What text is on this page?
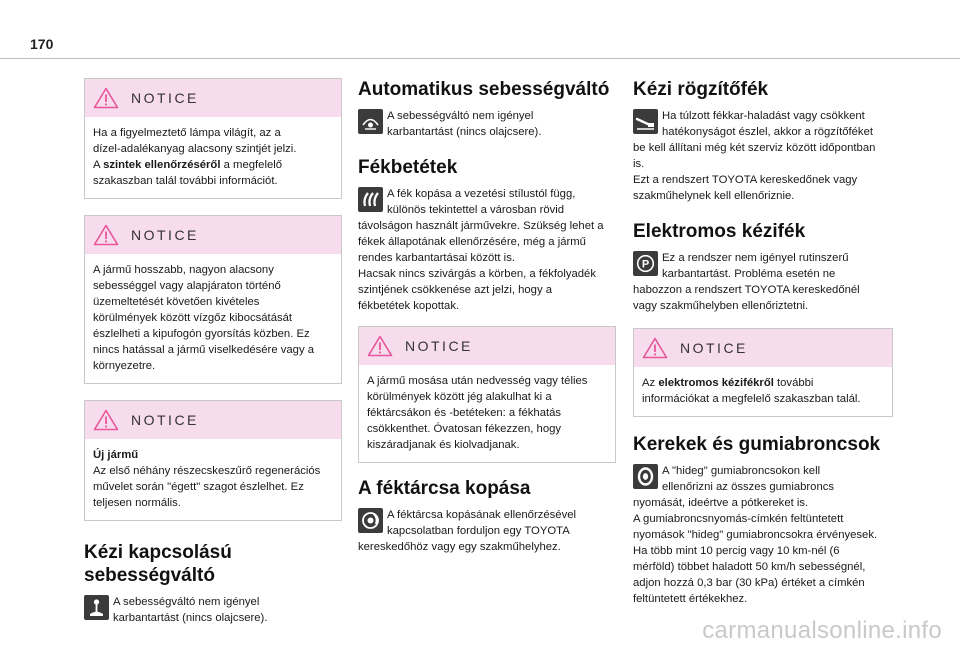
170
NOTICE
Ha a figyelmeztető lámpa világít, az a
dízel-adalékanyag alacsony szintjét jelzi.
A szintek ellenőrzéséről a megfelelő
szakaszban talál további információt.
NOTICE
A jármű hosszabb, nagyon alacsony
sebességgel vagy alapjáraton történő
üzemeltetését követően kivételes
körülmények között vízgőz kibocsátását
észlelheti a kipufogón gyorsítás közben. Ez
nincs hatással a jármű viselkedésére vagy a
környezetre.
NOTICE
Új jármű
Az első néhány részecskeszűrő regenerációs
művelet során "égett" szagot észlelhet. Ez
teljesen normális.
Kézi kapcsolású
sebességváltó
A sebességváltó nem igényel
karbantartást (nincs olajcsere).
Automatikus sebességváltó
A sebességváltó nem igényel
karbantartást (nincs olajcsere).
Fékbetétek
A fék kopása a vezetési stílustól függ,
különös tekintettel a városban rövid
távolságon használt járművekre. Szükség lehet a
fékek állapotának ellenőrzésére, még a jármű
rendes karbantartásai között is.
Hacsak nincs szivárgás a körben, a fékfolyadék
szintjének csökkenése azt jelzi, hogy a
fékbetétek kopottak.
NOTICE
A jármű mosása után nedvesség vagy télies
körülmények között jég alakulhat ki a
féktárcsákon és -betéteken: a fékhatás
csökkenthet. Óvatosan fékezzen, hogy
kiszáradjanak és kiolvadjanak.
A féktárcsa kopása
A féktárcsa kopásának ellenőrzésével
kapcsolatban forduljon egy TOYOTA
kereskedőhöz vagy egy szakműhelyhez.
Kézi rögzítőfék
Ha túlzott fékkar-haladást vagy csökkent
hatékonyságot észlel, akkor a rögzítőféket
be kell állítani még két szerviz között időpontban
is.
Ezt a rendszert TOYOTA kereskedőnek vagy
szakműhelynek kell ellenőriznie.
Elektromos kézifék
P
Ez a rendszer nem igényel rutinszerű
karbantartást. Probléma esetén ne
habozzon a rendszert TOYOTA kereskedőnél
vagy szakműhelyben ellenőriztetni.
NOTICE
Az elektromos kézifékről további
információkat a megfelelő szakaszban talál.
Kerekek és gumiabroncsok
A "hideg" gumiabroncsokon kell
ellenőrizni az összes gumiabroncs
nyomását, ideértve a pótkereket is.
A gumiabroncsnyomás-címkén feltüntetett
nyomások "hideg" gumiabroncsokra érvényesek.
Ha több mint 10 percig vagy 10 km-nél (6
mérföld) többet haladott 50 km/h sebességnél,
adjon hozzá 0,3 bar (30 kPa) értéket a címkén
feltüntetett értékekhez.
carmanualsonline.info
